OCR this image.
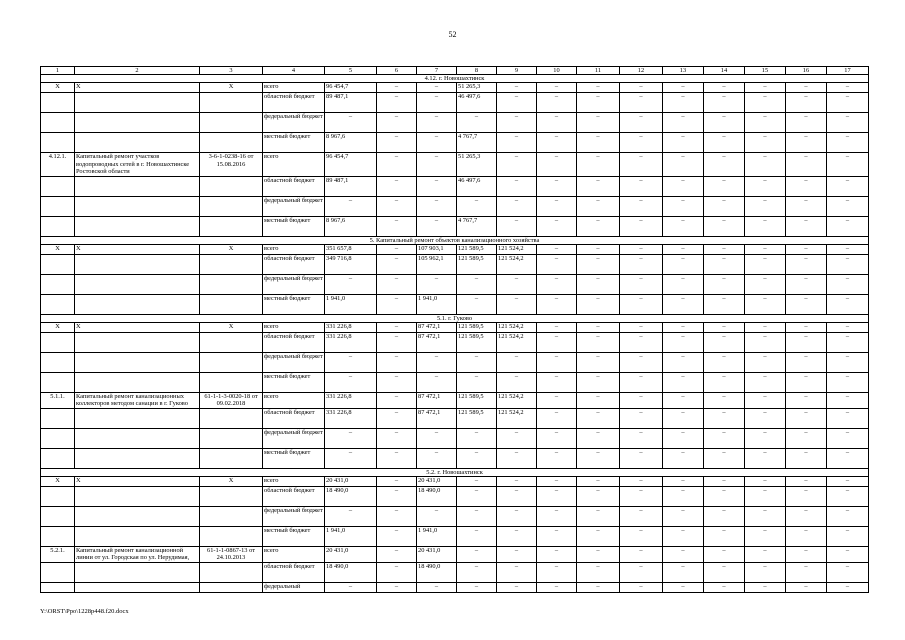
52
1	2	3	4	5	6	7	8	9	10	11	12	13	14	15	16	17
4.12. г. Новошахтинск																
X	X	X	всего	96 454,7	–	–	51 265,3	–	–	–	–	–	–	–	–	–
			областной бюджет	89 487,1	–	–	46 497,6	–	–	–	–	–	–	–	–	–
			федеральный бюджет	–	–	–	–	–	–	–	–	–	–	–	–	–
			местный бюджет	8 967,6	–	–	4 767,7	–	–	–	–	–	–	–	–	–
4.12.1.	Капитальный ремонт участков водопроводных сетей в г. Новошахтинске Ростовской области	3-6-1-0238-16 от 15.08.2016	всего	96 454,7	–	–	51 265,3	–	–	–	–	–	–	–	–	–
			областной бюджет	89 487,1	–	–	46 497,6	–	–	–	–	–	–	–	–	–
			федеральный бюджет	–	–	–	–	–	–	–	–	–	–	–	–	–
			местный бюджет	8 967,6	–	–	4 767,7	–	–	–	–	–	–	–	–	–
5. Капитальный ремонт объектов канализационного хозяйства																
X	X	X	всего	351 657,8	–	107 903,1	121 589,5	121 524,2	–	–	–	–	–	–	–	–
			областной бюджет	349 716,8	–	105 962,1	121 589,5	121 524,2	–	–	–	–	–	–	–	–
			федеральный бюджет	–	–	–	–	–	–	–	–	–	–	–	–	–
			местный бюджет	1 941,0	–	1 941,0	–	–	–	–	–	–	–	–	–	–
5.1. г. Гуково																
X	X	X	всего	331 226,8	–	87 472,1	121 589,5	121 524,2	–	–	–	–	–	–	–	–
			областной бюджет	331 226,8	–	87 472,1	121 589,5	121 524,2	–	–	–	–	–	–	–	–
			федеральный бюджет	–	–	–	–	–	–	–	–	–	–	–	–	–
			местный бюджет	–	–	–	–	–	–	–	–	–	–	–	–	–
5.1.1.	Капитальный ремонт канализационных коллекторов методом санации в г. Гуково	61-1-1-3-0020-18 от 09.02.2018	всего	331 226,8	–	87 472,1	121 589,5	121 524,2	–	–	–	–	–	–	–	–
			областной бюджет	331 226,8	–	87 472,1	121 589,5	121 524,2	–	–	–	–	–	–	–	–
			федеральный бюджет	–	–	–	–	–	–	–	–	–	–	–	–	–
			местный бюджет	–	–	–	–	–	–	–	–	–	–	–	–	–
5.2. г. Новошахтинск																
X	X	X	всего	20 431,0	–	20 431,0	–	–	–	–	–	–	–	–	–	–
			областной бюджет	18 490,0	–	18 490,0	–	–	–	–	–	–	–	–	–	–
			федеральный бюджет	–	–	–	–	–	–	–	–	–	–	–	–	–
			местный бюджет	1 941,0	–	1 941,0	–	–	–	–	–	–	–	–	–	–
5.2.1.	Капитальный ремонт канализационной линии от ул. Городская по ул. Нерудимая,	61-1-1-0867-13 от 24.10.2013	всего	20 431,0	–	20 431,0	–	–	–	–	–	–	–	–	–	–
			областной бюджет	18 490,0	–	18 490,0	–	–	–	–	–	–	–	–	–	–
			федеральный	–	–	–	–	–	–	–	–	–	–	–	–	–
Y:\ORST\Ppo\1228p448.f20.docx
